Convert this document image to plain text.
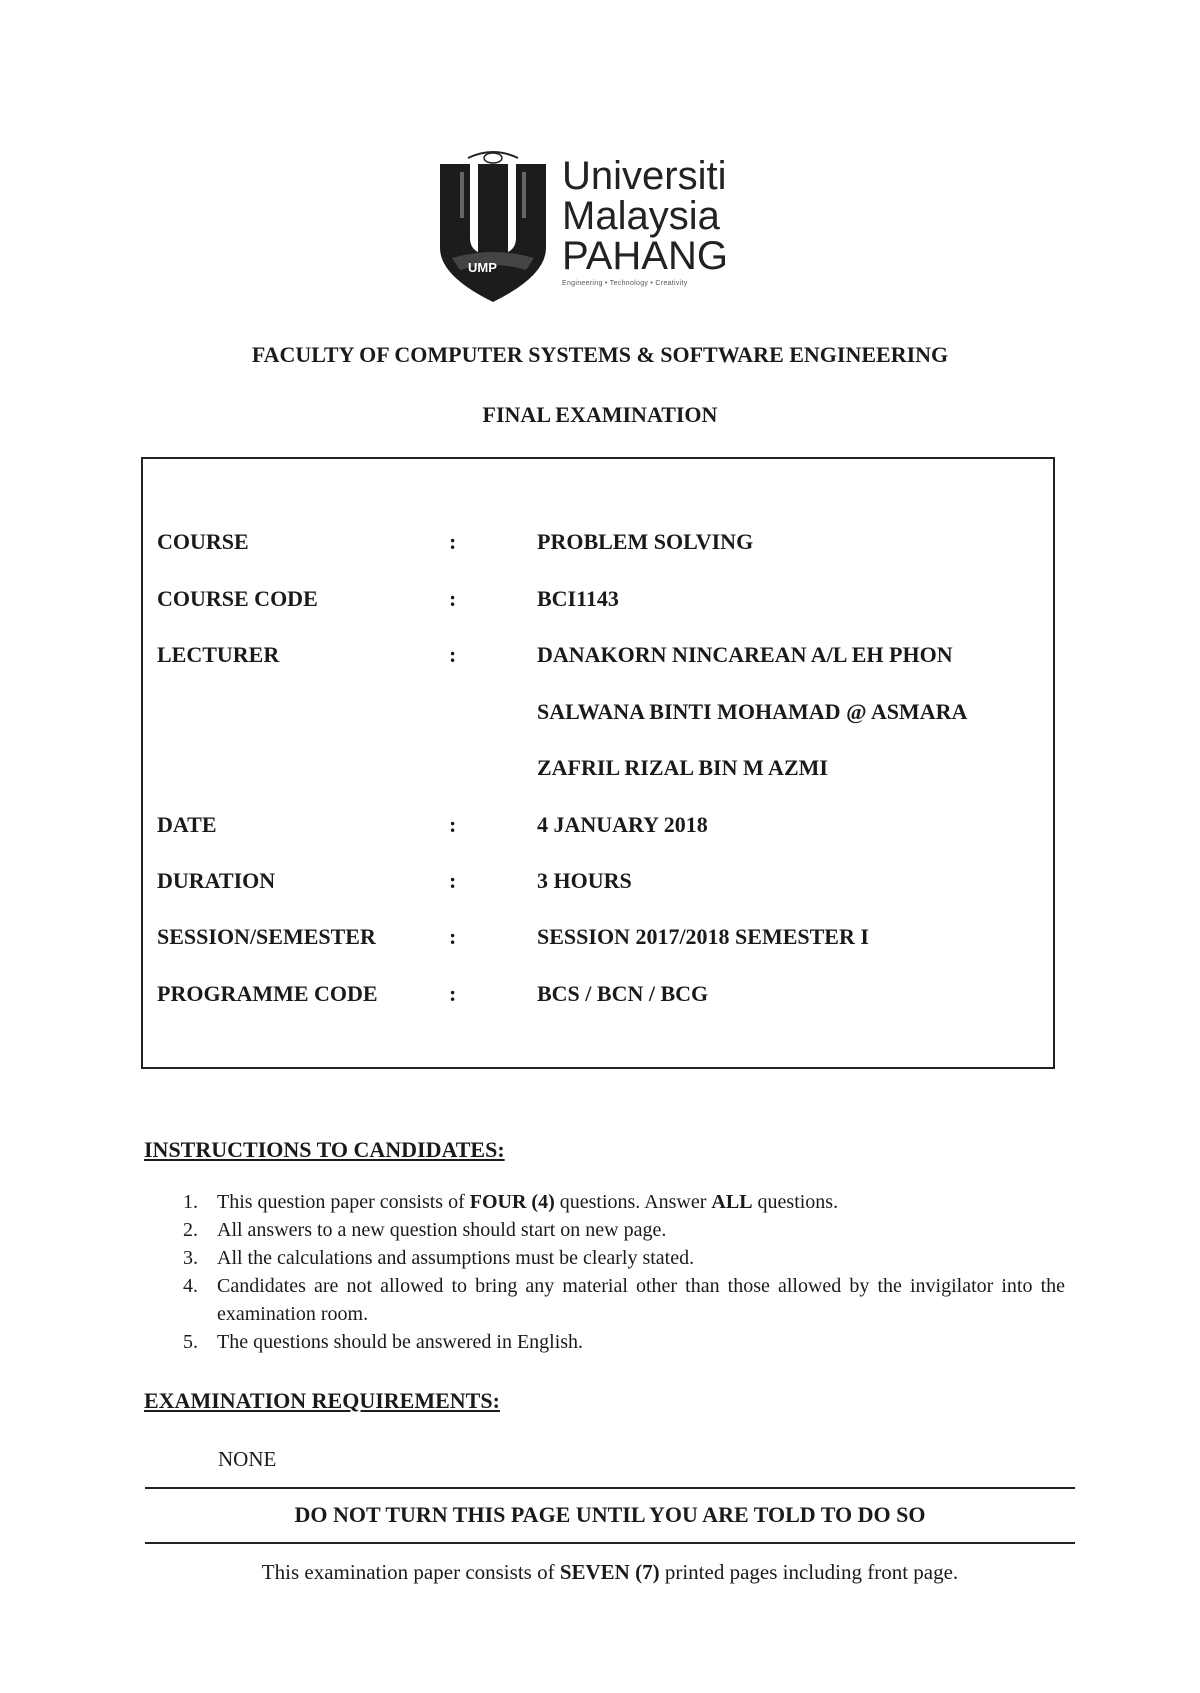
Universiti
Malaysia
PAHANG
Engineering • Technology • Creativity
UMP
FACULTY OF COMPUTER SYSTEMS & SOFTWARE ENGINEERING
FINAL EXAMINATION
COURSE	:	PROBLEM SOLVING
COURSE CODE	:	BCI1143
LECTURER	:	DANAKORN NINCAREAN A/L EH PHON
SALWANA BINTI MOHAMAD @ ASMARA
ZAFRIL RIZAL BIN M AZMI
DATE	:	4 JANUARY 2018
DURATION	:	3 HOURS
SESSION/SEMESTER	:	SESSION 2017/2018 SEMESTER I
PROGRAMME CODE	:	BCS / BCN / BCG
INSTRUCTIONS TO CANDIDATES:
1. This question paper consists of FOUR (4) questions. Answer ALL questions.
2. All answers to a new question should start on new page.
3. All the calculations and assumptions must be clearly stated.
4. Candidates are not allowed to bring any material other than those allowed by the invigilator into the examination room.
5. The questions should be answered in English.
EXAMINATION REQUIREMENTS:
NONE
DO NOT TURN THIS PAGE UNTIL YOU ARE TOLD TO DO SO
This examination paper consists of SEVEN (7) printed pages including front page.
